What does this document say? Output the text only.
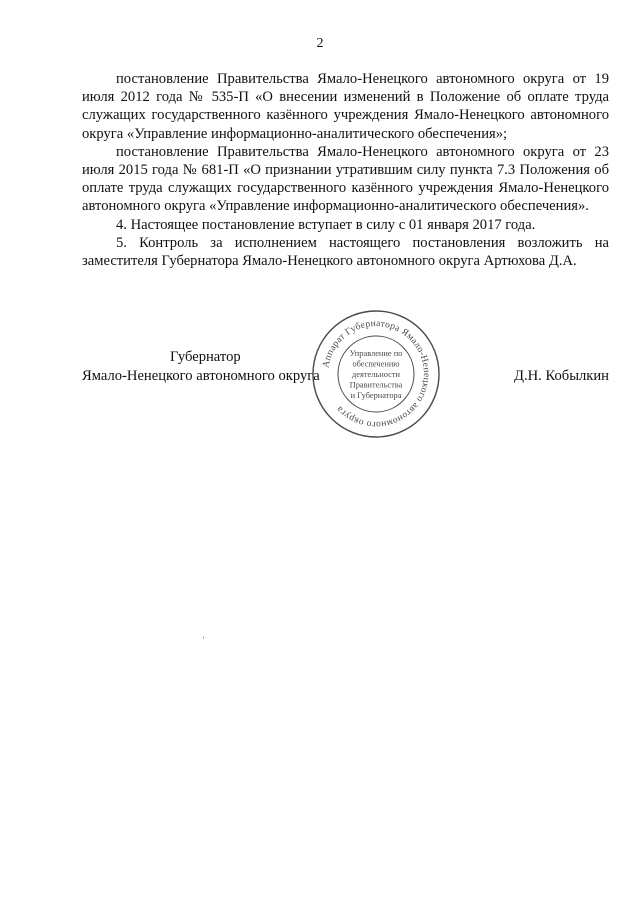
2

постановление Правительства Ямало-Ненецкого автономного округа от 19 июля 2012 года № 535-П «О внесении изменений в Положение об оплате труда служащих государственного казённого учреждения Ямало-Ненецкого автономного округа «Управление информационно-аналитического обеспечения»;

постановление Правительства Ямало-Ненецкого автономного округа от 23 июля 2015 года № 681-П «О признании утратившим силу пункта 7.3 Положения об оплате труда служащих государственного казённого учреждения Ямало-Ненецкого автономного округа «Управление информационно-аналитического обеспечения».

4. Настоящее постановление вступает в силу с 01 января 2017 года.

5. Контроль за исполнением настоящего постановления возложить на заместителя Губернатора Ямало-Ненецкого автономного округа Артюхова Д.А.

Губернатор
Ямало-Ненецкого автономного округа	Д.Н. Кобылкин
Аппарат Губернатора Ямало-Ненецкого автономного округа
Управление по
обеспечению
деятельности
Правительства
и Губернатора
